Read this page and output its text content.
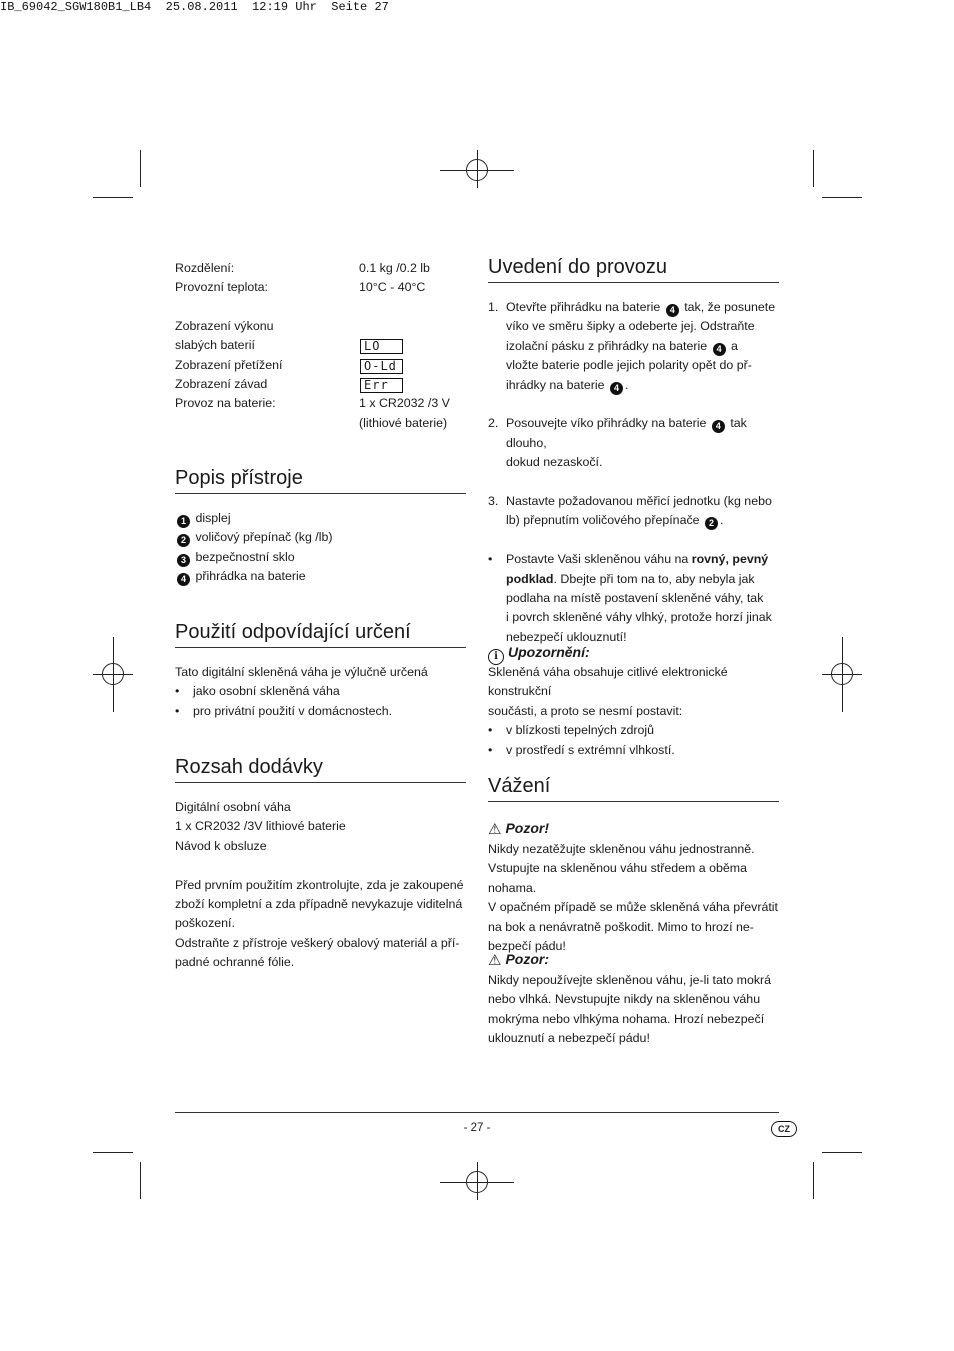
IB_69042_SGW180B1_LB4  25.08.2011  12:19 Uhr  Seite 27
Rozdělení:	0.1 kg /0.2 lb
Provozní teplota:	10°C - 40°C
Zobrazení výkonu
slabých baterií	LO
Zobrazení přetížení	O-Ld
Zobrazení závad	Err
Provoz na baterie:	1 x CR2032 /3 V
(lithiové baterie)
Popis přístroje
1 displej
2 voličový přepínač (kg /lb)
3 bezpečnostní sklo
4 přihrádka na baterie
Použití odpovídající určení
Tato digitální skleněná váha je výlučně určená
• jako osobní skleněná váha
• pro privátní použití v domácnostech.
Rozsah dodávky
Digitální osobní váha
1 x CR2032 /3V lithiové baterie
Návod k obsluze
Před prvním použitím zkontrolujte, zda je zakoupené
zboží kompletní a zda případně nevykazuje viditelná
poškození.
Odstraňte z přístroje veškerý obalový materiál a pří-
padné ochranné fólie.
Uvedení do provozu
1. Otevřte přihrádku na baterie 4 tak, že posunete
víko ve směru šipky a odeberte jej. Odstraňte
izolační pásku z přihrádky na baterie 4 a
vložte baterie podle jejich polarity opět do př-
ihrádky na baterie 4 .
2. Posouvejte víko přihrádky na baterie 4 tak dlouho,
dokud nezaskočí.
3. Nastavte požadovanou měřicí jednotku (kg nebo
lb) přepnutím voličového přepínače 2 .
• Postavte Vaši skleněnou váhu na rovný, pevný
podklad. Dbejte při tom na to, aby nebyla jak
podlaha na místě postavení skleněné váhy, tak
i povrch skleněné váhy vlhký, protože horzí jinak
nebezpečí uklouznutí!
i Upozornění:
Skleněná váha obsahuje citlivé elektronické konstrukční
součásti, a proto se nesmí postavit:
• v blízkosti tepelných zdrojů
• v prostředí s extrémní vlhkostí.
Vážení
⚠ Pozor!
Nikdy nezatěžujte skleněnou váhu jednostranně.
Vstupujte na skleněnou váhu středem a oběma nohama.
V opačném případě se může skleněná váha převrátit
na bok a nenávratně poškodit. Mimo to hrozí ne-
bezpečí pádu!
⚠ Pozor:
Nikdy nepoužívejte skleněnou váhu, je-li tato mokrá
nebo vlhká. Nevstupujte nikdy na skleněnou váhu
mokrýma nebo vlhkýma nohama. Hrozí nebezpečí
uklouznutí a nebezpečí pádu!
- 27 -	CZ
